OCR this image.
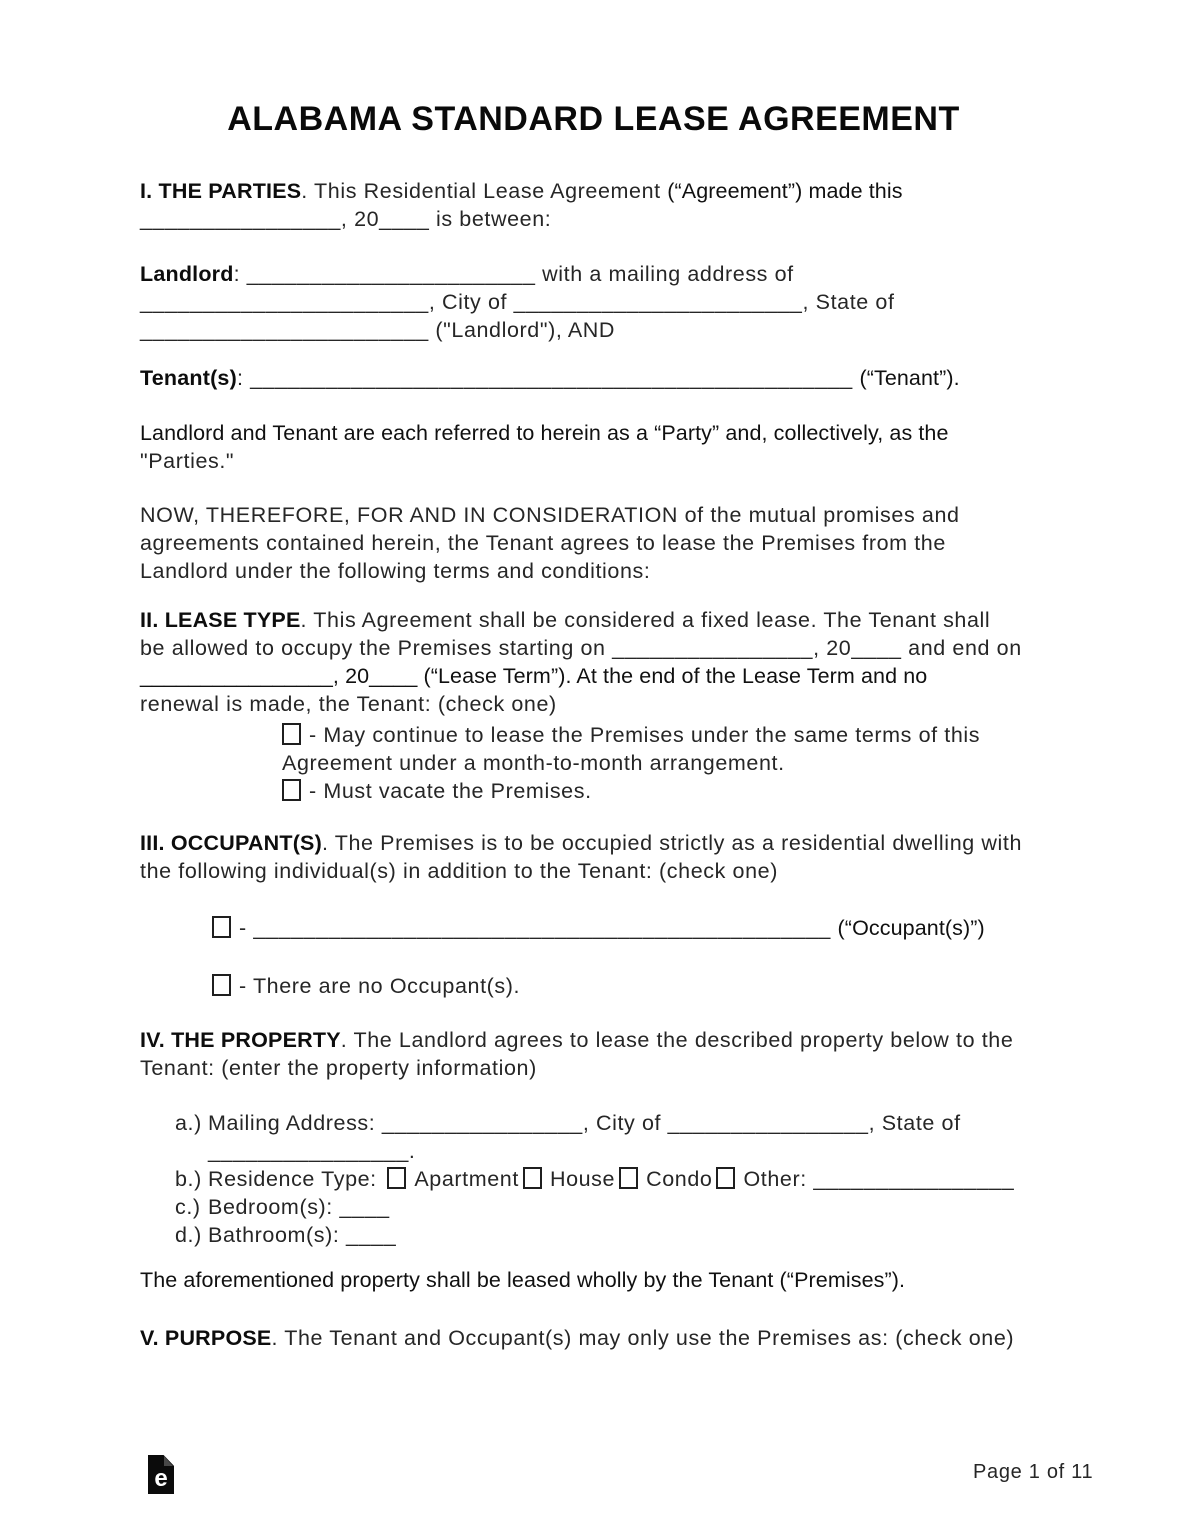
ALABAMA STANDARD LEASE AGREEMENT
I. THE PARTIES. This Residential Lease Agreement (“Agreement”) made this
________________, 20____ is between:
Landlord: _______________________ with a mailing address of
_______________________, City of _______________________, State of
_______________________ ("Landlord"), AND
Tenant(s): ________________________________________________ (“Tenant”).
Landlord and Tenant are each referred to herein as a “Party” and, collectively, as the
"Parties."
NOW, THEREFORE, FOR AND IN CONSIDERATION of the mutual promises and
agreements contained herein, the Tenant agrees to lease the Premises from the
Landlord under the following terms and conditions:
II. LEASE TYPE. This Agreement shall be considered a fixed lease. The Tenant shall
be allowed to occupy the Premises starting on ________________, 20____ and end on
________________, 20____ (“Lease Term”). At the end of the Lease Term and no
renewal is made, the Tenant: (check one)
- May continue to lease the Premises under the same terms of this
Agreement under a month-to-month arrangement.
- Must vacate the Premises.
III. OCCUPANT(S). The Premises is to be occupied strictly as a residential dwelling with
the following individual(s) in addition to the Tenant: (check one)
- ______________________________________________ (“Occupant(s)”)
- There are no Occupant(s).
IV. THE PROPERTY. The Landlord agrees to lease the described property below to the
Tenant: (enter the property information)
a.) Mailing Address: ________________, City of ________________, State of
________________.
b.) Residence Type: Apartment House Condo Other: ________________
c.) Bedroom(s): ____
d.) Bathroom(s): ____
The aforementioned property shall be leased wholly by the Tenant (“Premises”).
V. PURPOSE. The Tenant and Occupant(s) may only use the Premises as: (check one)
e	Page 1 of 11
